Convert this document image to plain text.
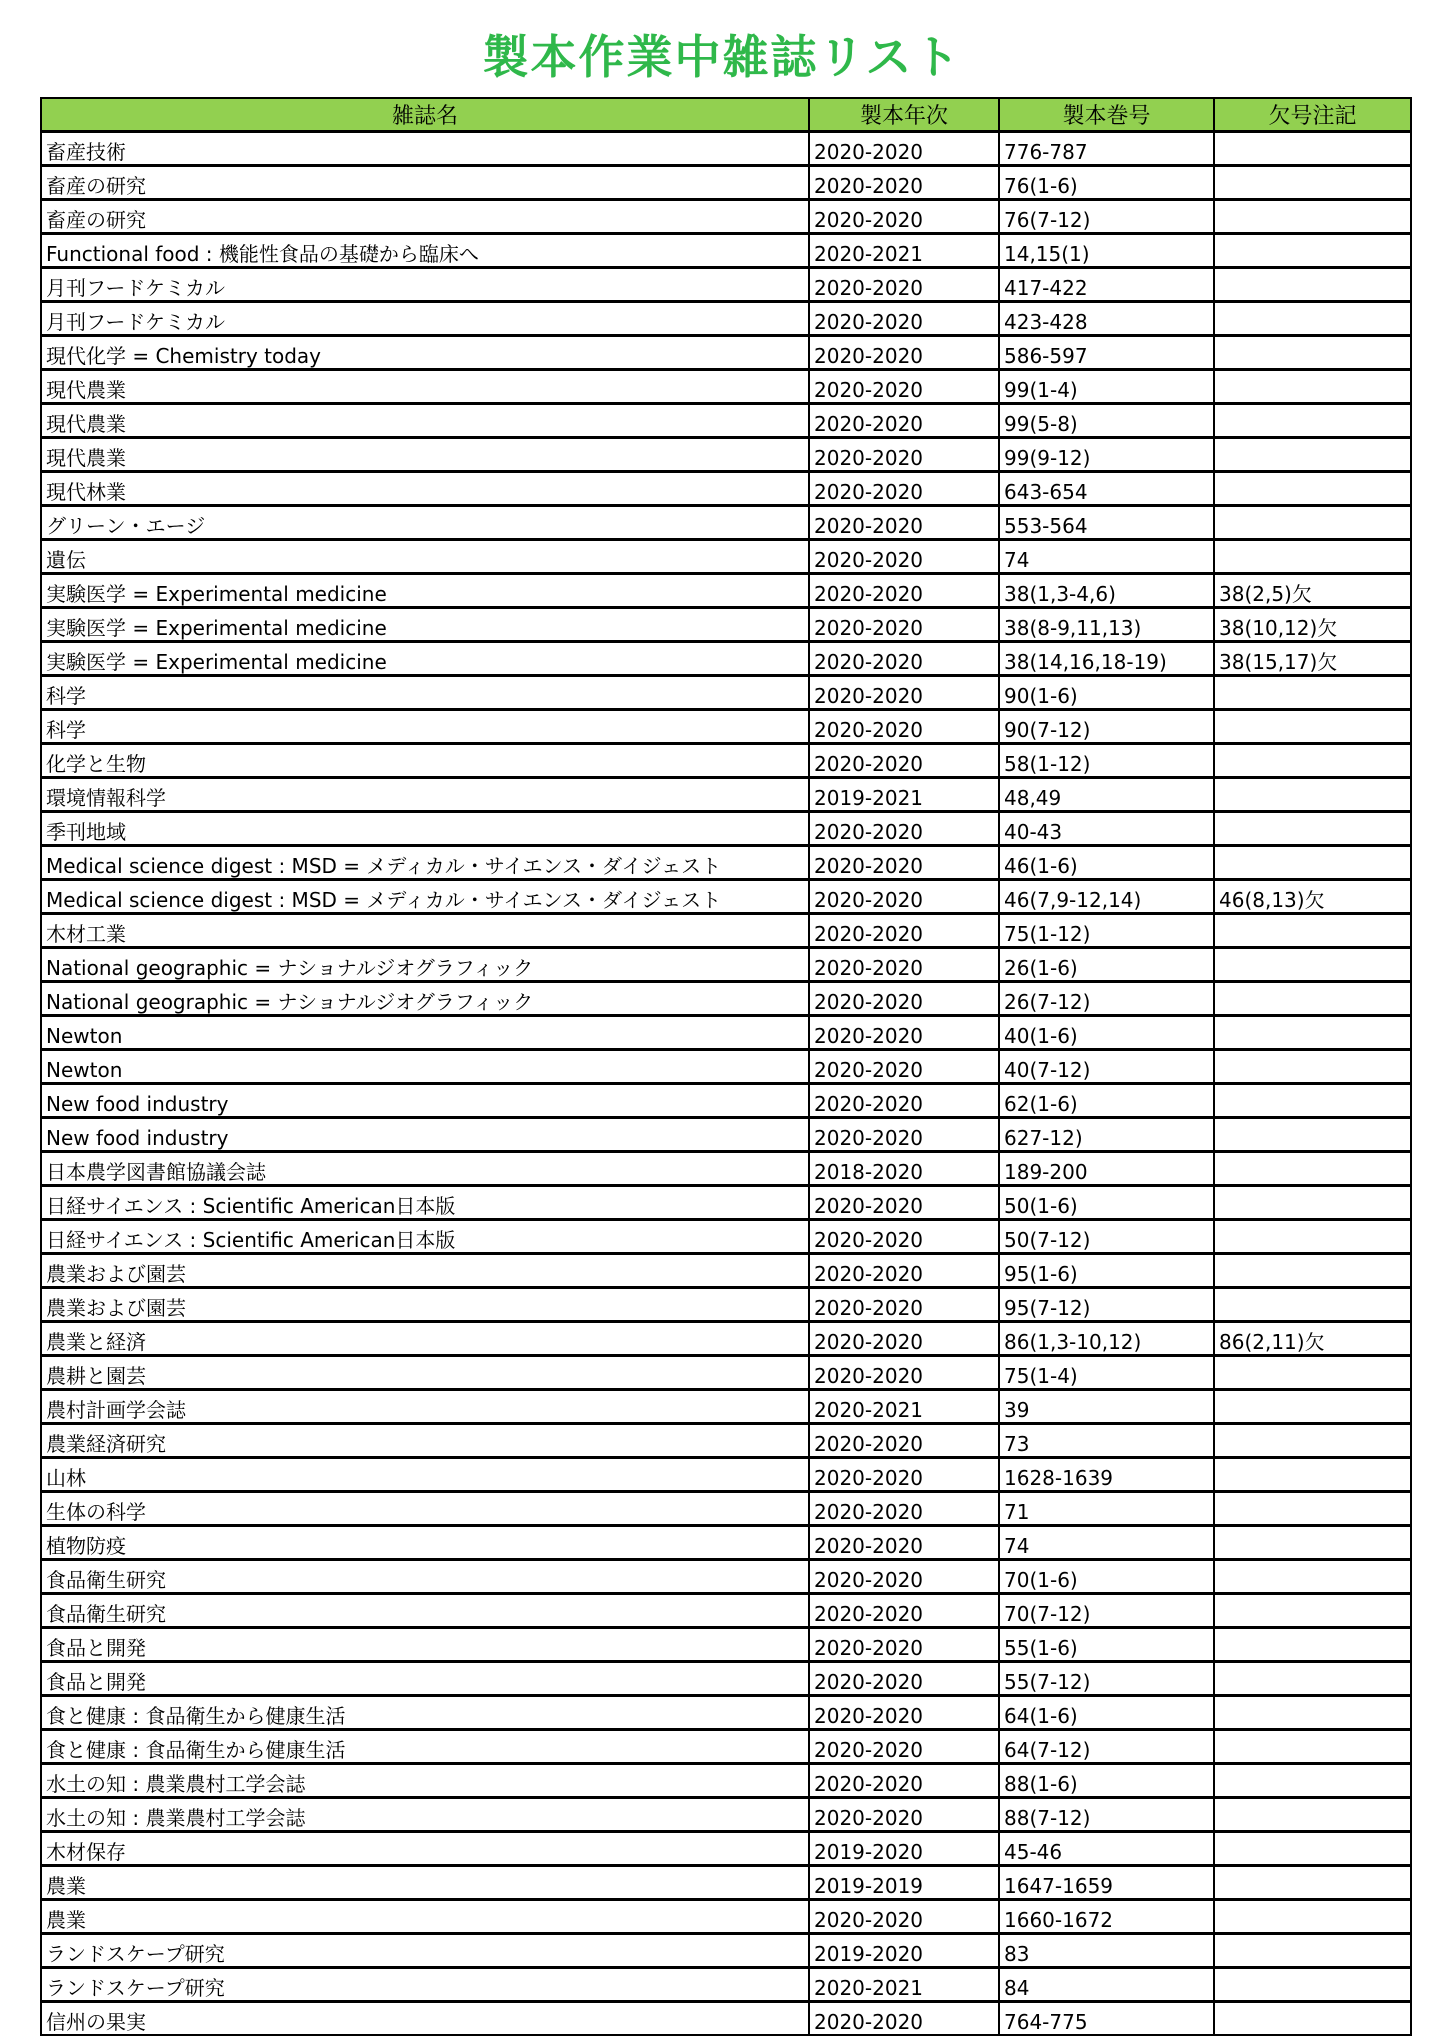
製本作業中雑誌リスト
雑誌名	製本年次	製本巻号	欠号注記
畜産技術	2020-2020	776-787	
畜産の研究	2020-2020	76(1-6)	
畜産の研究	2020-2020	76(7-12)	
Functional food : 機能性食品の基礎から臨床へ	2020-2021	14,15(1)	
月刊フードケミカル	2020-2020	417-422	
月刊フードケミカル	2020-2020	423-428	
現代化学 = Chemistry today	2020-2020	586-597	
現代農業	2020-2020	99(1-4)	
現代農業	2020-2020	99(5-8)	
現代農業	2020-2020	99(9-12)	
現代林業	2020-2020	643-654	
グリーン・エージ	2020-2020	553-564	
遺伝	2020-2020	74	
実験医学 = Experimental medicine	2020-2020	38(1,3-4,6)	38(2,5)欠
実験医学 = Experimental medicine	2020-2020	38(8-9,11,13)	38(10,12)欠
実験医学 = Experimental medicine	2020-2020	38(14,16,18-19)	38(15,17)欠
科学	2020-2020	90(1-6)	
科学	2020-2020	90(7-12)	
化学と生物	2020-2020	58(1-12)	
環境情報科学	2019-2021	48,49	
季刊地域	2020-2020	40-43	
Medical science digest : MSD = メディカル・サイエンス・ダイジェスト	2020-2020	46(1-6)	
Medical science digest : MSD = メディカル・サイエンス・ダイジェスト	2020-2020	46(7,9-12,14)	46(8,13)欠
木材工業	2020-2020	75(1-12)	
National geographic = ナショナルジオグラフィック	2020-2020	26(1-6)	
National geographic = ナショナルジオグラフィック	2020-2020	26(7-12)	
Newton	2020-2020	40(1-6)	
Newton	2020-2020	40(7-12)	
New food industry	2020-2020	62(1-6)	
New food industry	2020-2020	627-12)	
日本農学図書館協議会誌	2018-2020	189-200	
日経サイエンス : Scientific American日本版	2020-2020	50(1-6)	
日経サイエンス : Scientific American日本版	2020-2020	50(7-12)	
農業および園芸	2020-2020	95(1-6)	
農業および園芸	2020-2020	95(7-12)	
農業と経済	2020-2020	86(1,3-10,12)	86(2,11)欠
農耕と園芸	2020-2020	75(1-4)	
農村計画学会誌	2020-2021	39	
農業経済研究	2020-2020	73	
山林	2020-2020	1628-1639	
生体の科学	2020-2020	71	
植物防疫	2020-2020	74	
食品衛生研究	2020-2020	70(1-6)	
食品衛生研究	2020-2020	70(7-12)	
食品と開発	2020-2020	55(1-6)	
食品と開発	2020-2020	55(7-12)	
食と健康 : 食品衛生から健康生活	2020-2020	64(1-6)	
食と健康 : 食品衛生から健康生活	2020-2020	64(7-12)	
水土の知 : 農業農村工学会誌	2020-2020	88(1-6)	
水土の知 : 農業農村工学会誌	2020-2020	88(7-12)	
木材保存	2019-2020	45-46	
農業	2019-2019	1647-1659	
農業	2020-2020	1660-1672	
ランドスケープ研究	2019-2020	83	
ランドスケープ研究	2020-2021	84	
信州の果実	2020-2020	764-775	
